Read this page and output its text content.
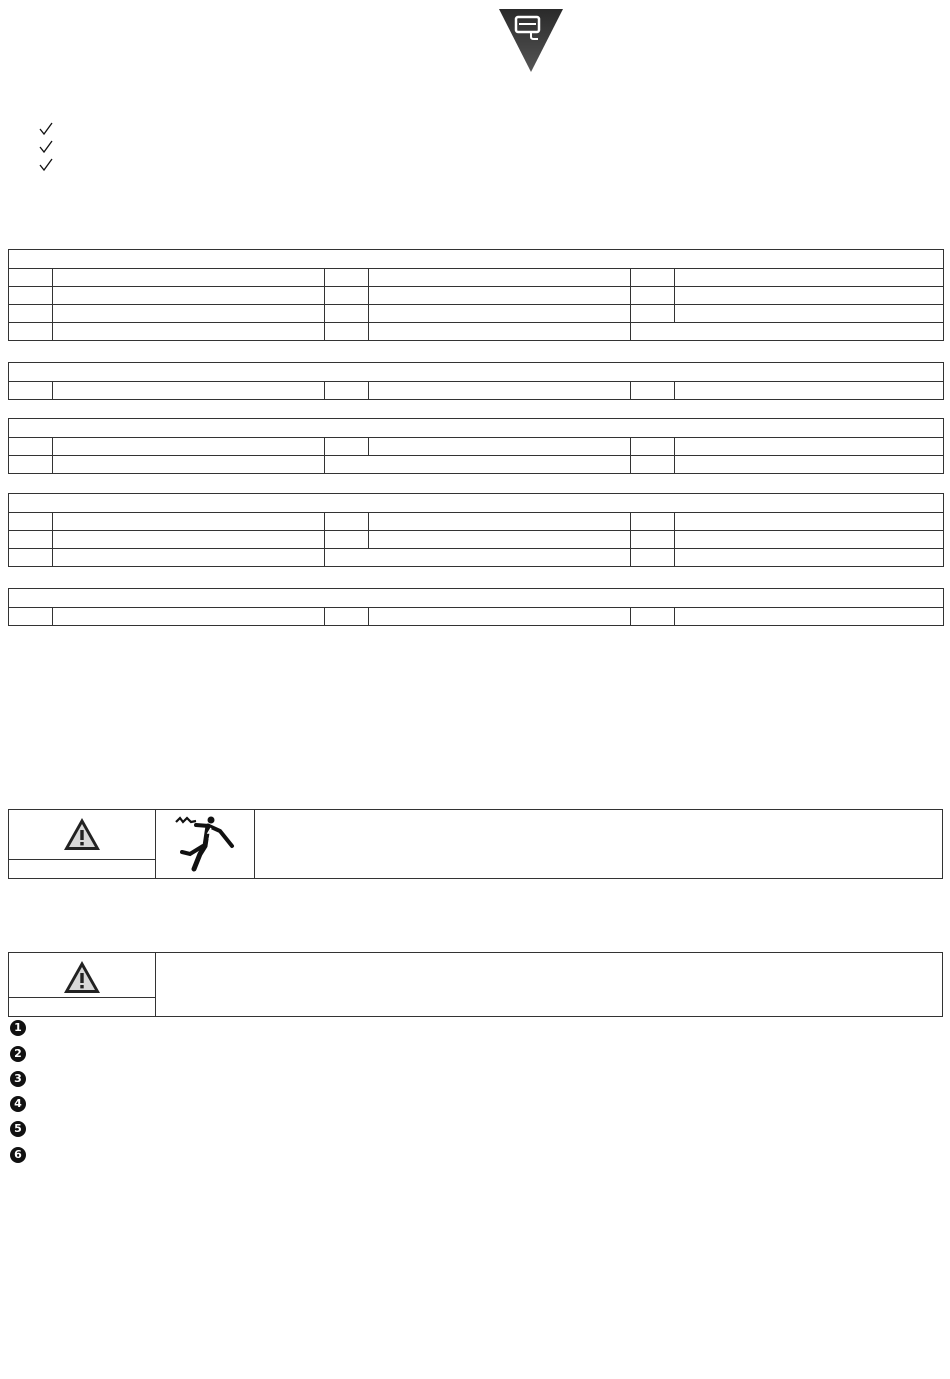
1
2
3
4
5
6
